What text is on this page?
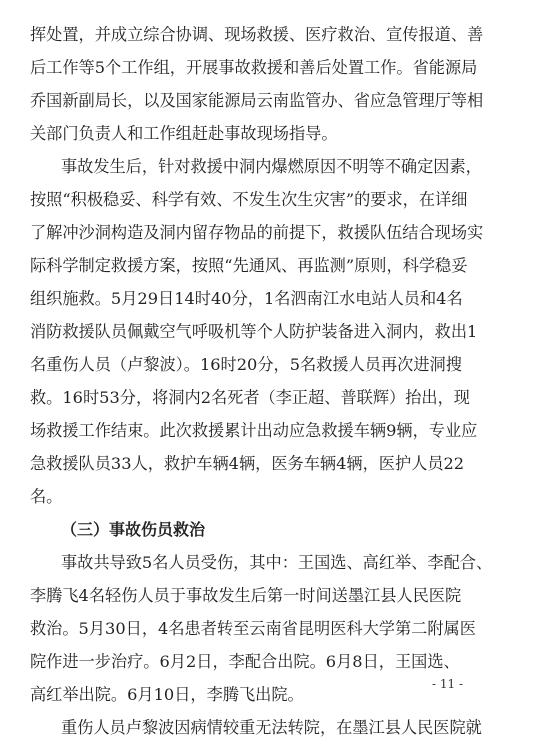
挥处置，并成立综合协调、现场救援、医疗救治、宣传报道、善
后工作等5个工作组，开展事故救援和善后处置工作。省能源局
乔国新副局长，以及国家能源局云南监管办、省应急管理厅等相
关部门负责人和工作组赶赴事故现场指导。
事故发生后，针对救援中洞内爆燃原因不明等不确定因素，
按照“积极稳妥、科学有效、不发生次生灾害”的要求，在详细
了解冲沙洞构造及洞内留存物品的前提下，救援队伍结合现场实
际科学制定救援方案，按照“先通风、再监测”原则，科学稳妥
组织施救。5月29日14时40分，1名泗南江水电站人员和4名
消防救援队员佩戴空气呼吸机等个人防护装备进入洞内，救出1
名重伤人员（卢黎波）。16时20分，5名救援人员再次进洞搜
救。16时53分，将洞内2名死者（李正超、普联辉）抬出，现
场救援工作结束。此次救援累计出动应急救援车辆9辆，专业应
急救援队员33人，救护车辆4辆，医务车辆4辆，医护人员22
名。
（三）事故伤员救治
事故共导致5名人员受伤，其中：王国选、高红举、李配合、
李腾飞4名轻伤人员于事故发生后第一时间送墨江县人民医院
救治。5月30日，4名患者转至云南省昆明医科大学第二附属医
院作进一步治疗。6月2日，李配合出院。6月8日，王国选、
高红举出院。6月10日，李腾飞出院。
重伤人员卢黎波因病情较重无法转院，在墨江县人民医院就
- 11 -
